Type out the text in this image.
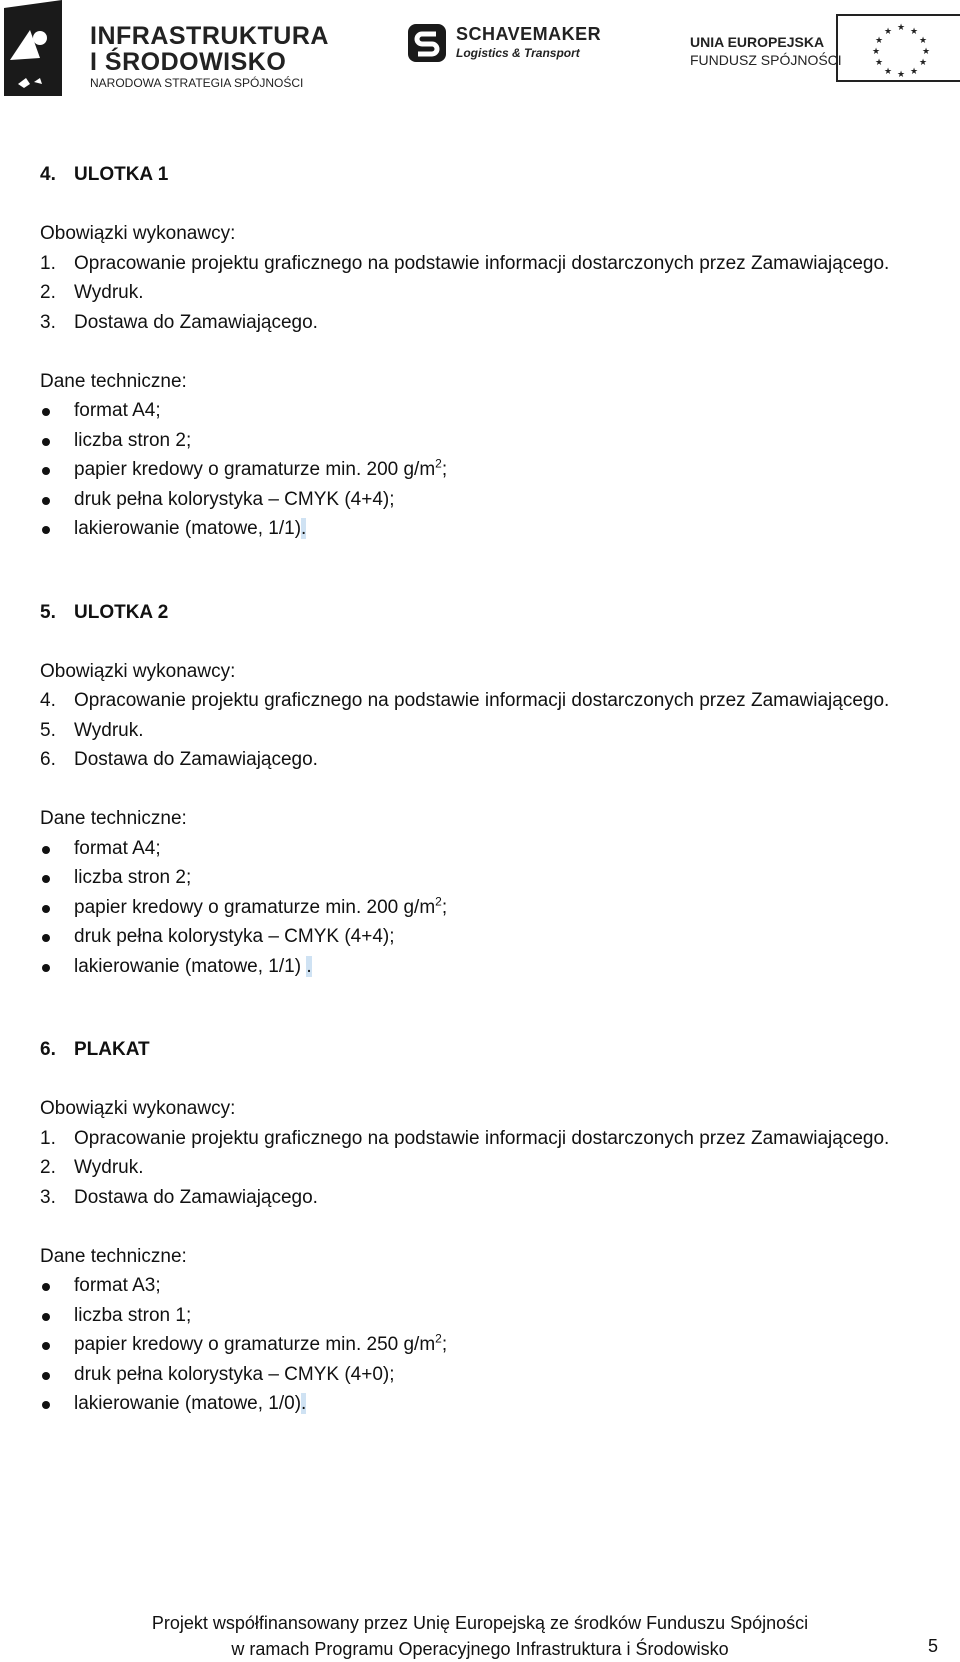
INFRASTRUKTURA
I ŚRODOWISKO
NARODOWA STRATEGIA SPÓJNOŚCI
SCHAVEMAKER
Logistics & Transport
UNIA EUROPEJSKA
FUNDUSZ SPÓJNOŚCI
★ ★
★
★
★
★
★
★
★
★
★
★

4. ULOTKA 1

Obowiązki wykonawcy:

1. Opracowanie projektu graficznego na podstawie informacji dostarczonych przez Zamawiającego.
2. Wydruk.
3. Dostawa do Zamawiającego.

Dane techniczne:

format A4;
liczba stron 2;
papier kredowy o gramaturze min. 200 $g/m^2$;
druk pełna kolorystyka – CMYK (4+4);
lakierowanie (matowe, 1/1).

5. ULOTKA 2

Obowiązki wykonawcy:

4. Opracowanie projektu graficznego na podstawie informacji dostarczonych przez Zamawiającego.
5. Wydruk.
6. Dostawa do Zamawiającego.

Dane techniczne:

format A4;
liczba stron 2;
papier kredowy o gramaturze min. 200 $g/m^2$;
druk pełna kolorystyka – CMYK (4+4);
lakierowanie (matowe, 1/1) .

6. PLAKAT

Obowiązki wykonawcy:

1. Opracowanie projektu graficznego na podstawie informacji dostarczonych przez Zamawiającego.
2. Wydruk.
3. Dostawa do Zamawiającego.

Dane techniczne:

format A3;
liczba stron 1;
papier kredowy o gramaturze min. 250 $g/m^2$;
druk pełna kolorystyka – CMYK (4+0);
lakierowanie (matowe, 1/0).
Projekt współfinansowany przez Unię Europejską ze środków Funduszu Spójności
w ramach Programu Operacyjnego Infrastruktura i Środowisko	5
